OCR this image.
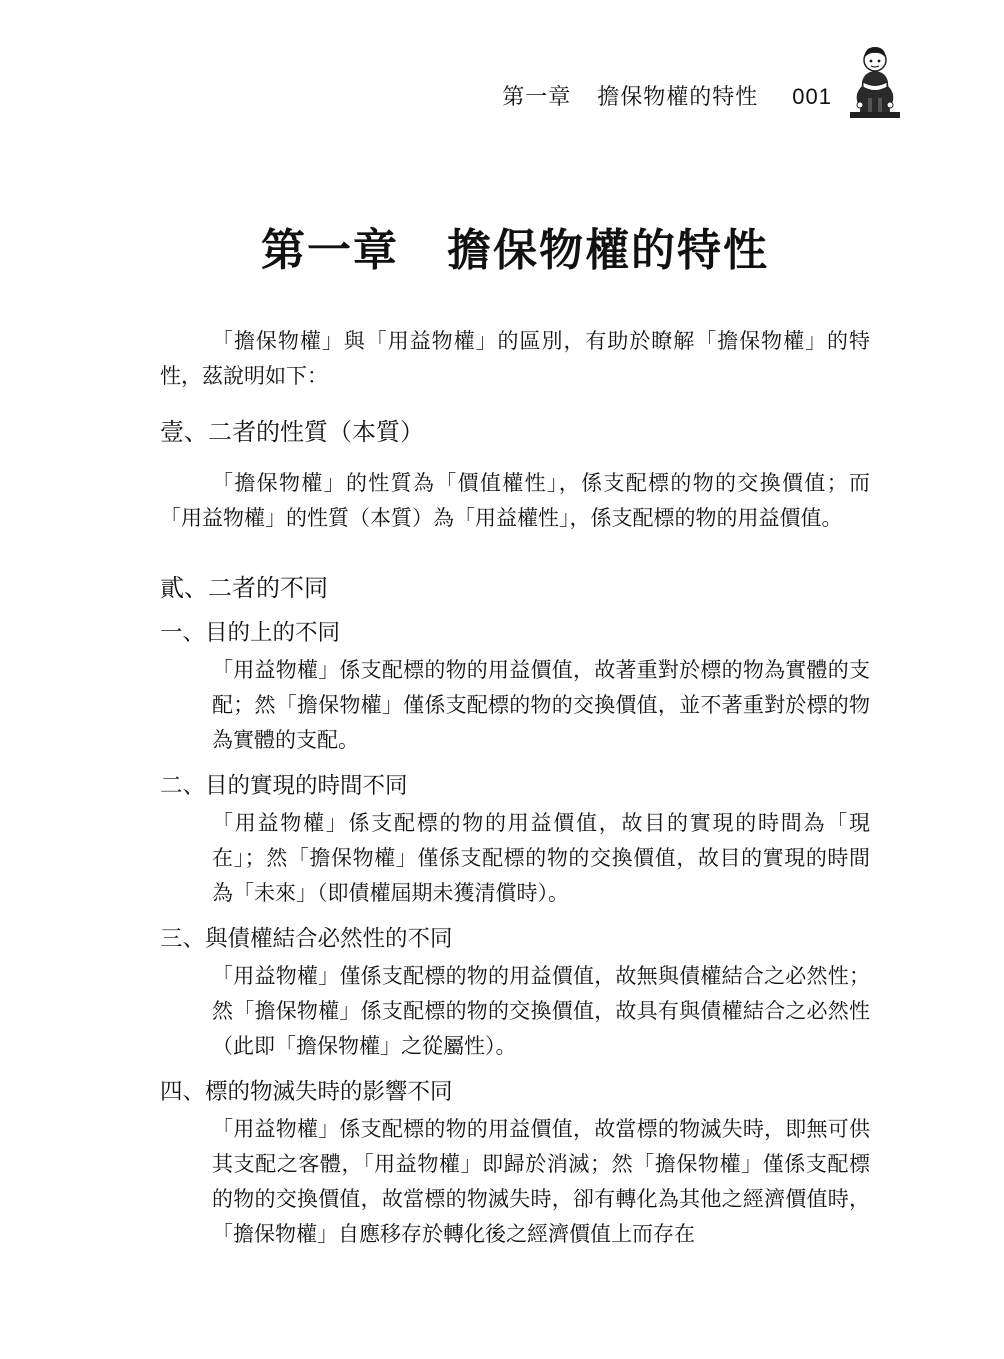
第一章 擔保物權的特性 001
第一章 擔保物權的特性

「擔保物權」與「用益物權」的區別，有助於瞭解「擔保物權」的特性，茲說明如下：

壹、二者的性質（本質）

「擔保物權」的性質為「價值權性」，係支配標的物的交換價值；而「用益物權」的性質（本質）為「用益權性」，係支配標的物的用益價值。

貳、二者的不同
一、目的上的不同

「用益物權」係支配標的物的用益價值，故著重對於標的物為實體的支配；然「擔保物權」僅係支配標的物的交換價值，並不著重對於標的物為實體的支配。

二、目的實現的時間不同

「用益物權」係支配標的物的用益價值，故目的實現的時間為「現在」；然「擔保物權」僅係支配標的物的交換價值，故目的實現的時間為「未來」（即債權屆期未獲清償時）。

三、與債權結合必然性的不同

「用益物權」僅係支配標的物的用益價值，故無與債權結合之必然性；然「擔保物權」係支配標的物的交換價值，故具有與債權結合之必然性（此即「擔保物權」之從屬性）。

四、標的物滅失時的影響不同

「用益物權」係支配標的物的用益價值，故當標的物滅失時，即無可供其支配之客體，「用益物權」即歸於消滅；然「擔保物權」僅係支配標的物的交換價值，故當標的物滅失時，卻有轉化為其他之經濟價值時，「擔保物權」自應移存於轉化後之經濟價值上而存在
